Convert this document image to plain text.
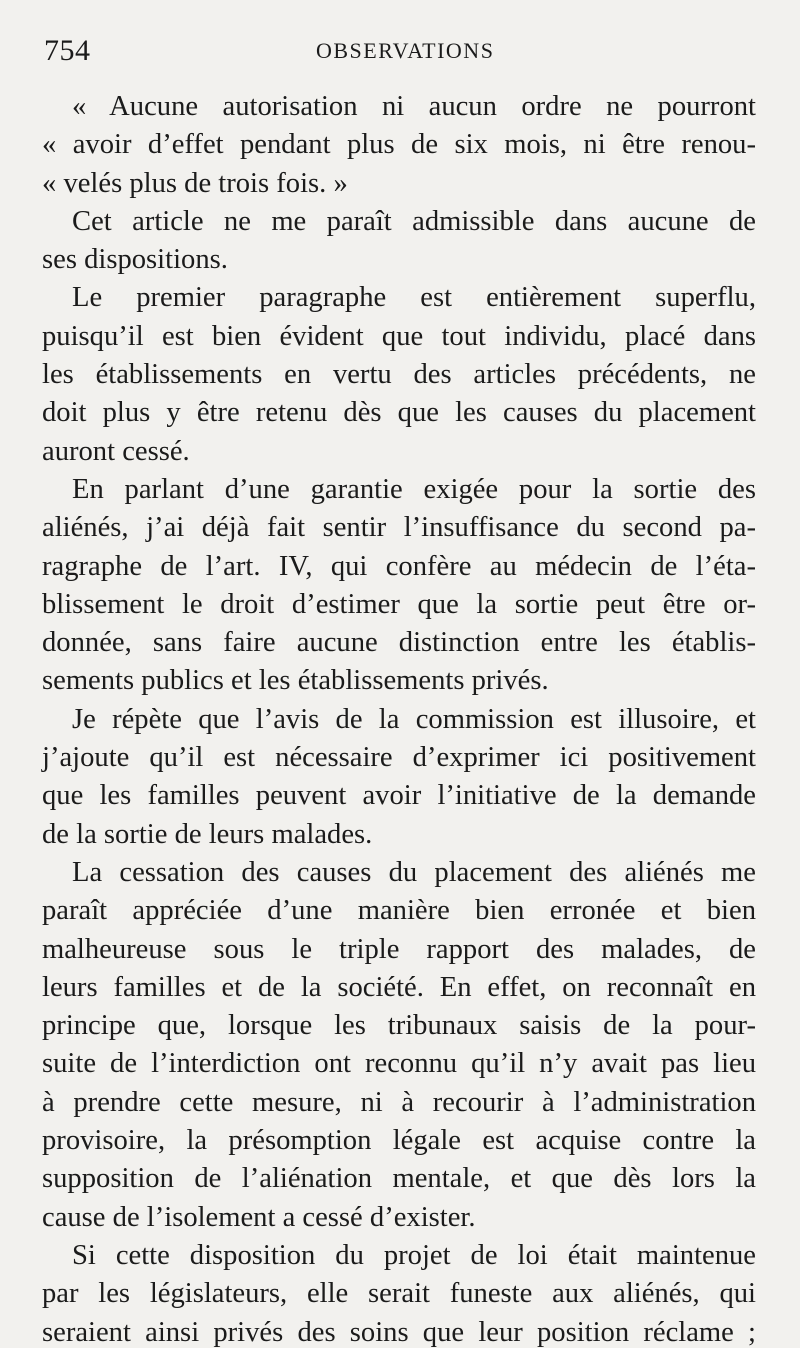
754	OBSERVATIONS

« Aucune autorisation ni aucun ordre ne pourront
« avoir d’effet pendant plus de six mois, ni être renou-
« velés plus de trois fois. »

Cet article ne me paraît admissible dans aucune de
ses dispositions.

Le premier paragraphe est entièrement superflu,
puisqu’il est bien évident que tout individu, placé dans
les établissements en vertu des articles précédents, ne
doit plus y être retenu dès que les causes du placement
auront cessé.

En parlant d’une garantie exigée pour la sortie des
aliénés, j’ai déjà fait sentir l’insuffisance du second pa-
ragraphe de l’art. IV, qui confère au médecin de l’éta-
blissement le droit d’estimer que la sortie peut être or-
donnée, sans faire aucune distinction entre les établis-
sements publics et les établissements privés.

Je répète que l’avis de la commission est illusoire, et
j’ajoute qu’il est nécessaire d’exprimer ici positivement
que les familles peuvent avoir l’initiative de la demande
de la sortie de leurs malades.

La cessation des causes du placement des aliénés me
paraît appréciée d’une manière bien erronée et bien
malheureuse sous le triple rapport des malades, de
leurs familles et de la société. En effet, on reconnaît en
principe que, lorsque les tribunaux saisis de la pour-
suite de l’interdiction ont reconnu qu’il n’y avait pas lieu
à prendre cette mesure, ni à recourir à l’administration
provisoire, la présomption légale est acquise contre la
supposition de l’aliénation mentale, et que dès lors la
cause de l’isolement a cessé d’exister.

Si cette disposition du projet de loi était maintenue
par les législateurs, elle serait funeste aux aliénés, qui
seraient ainsi privés des soins que leur position réclame ;
